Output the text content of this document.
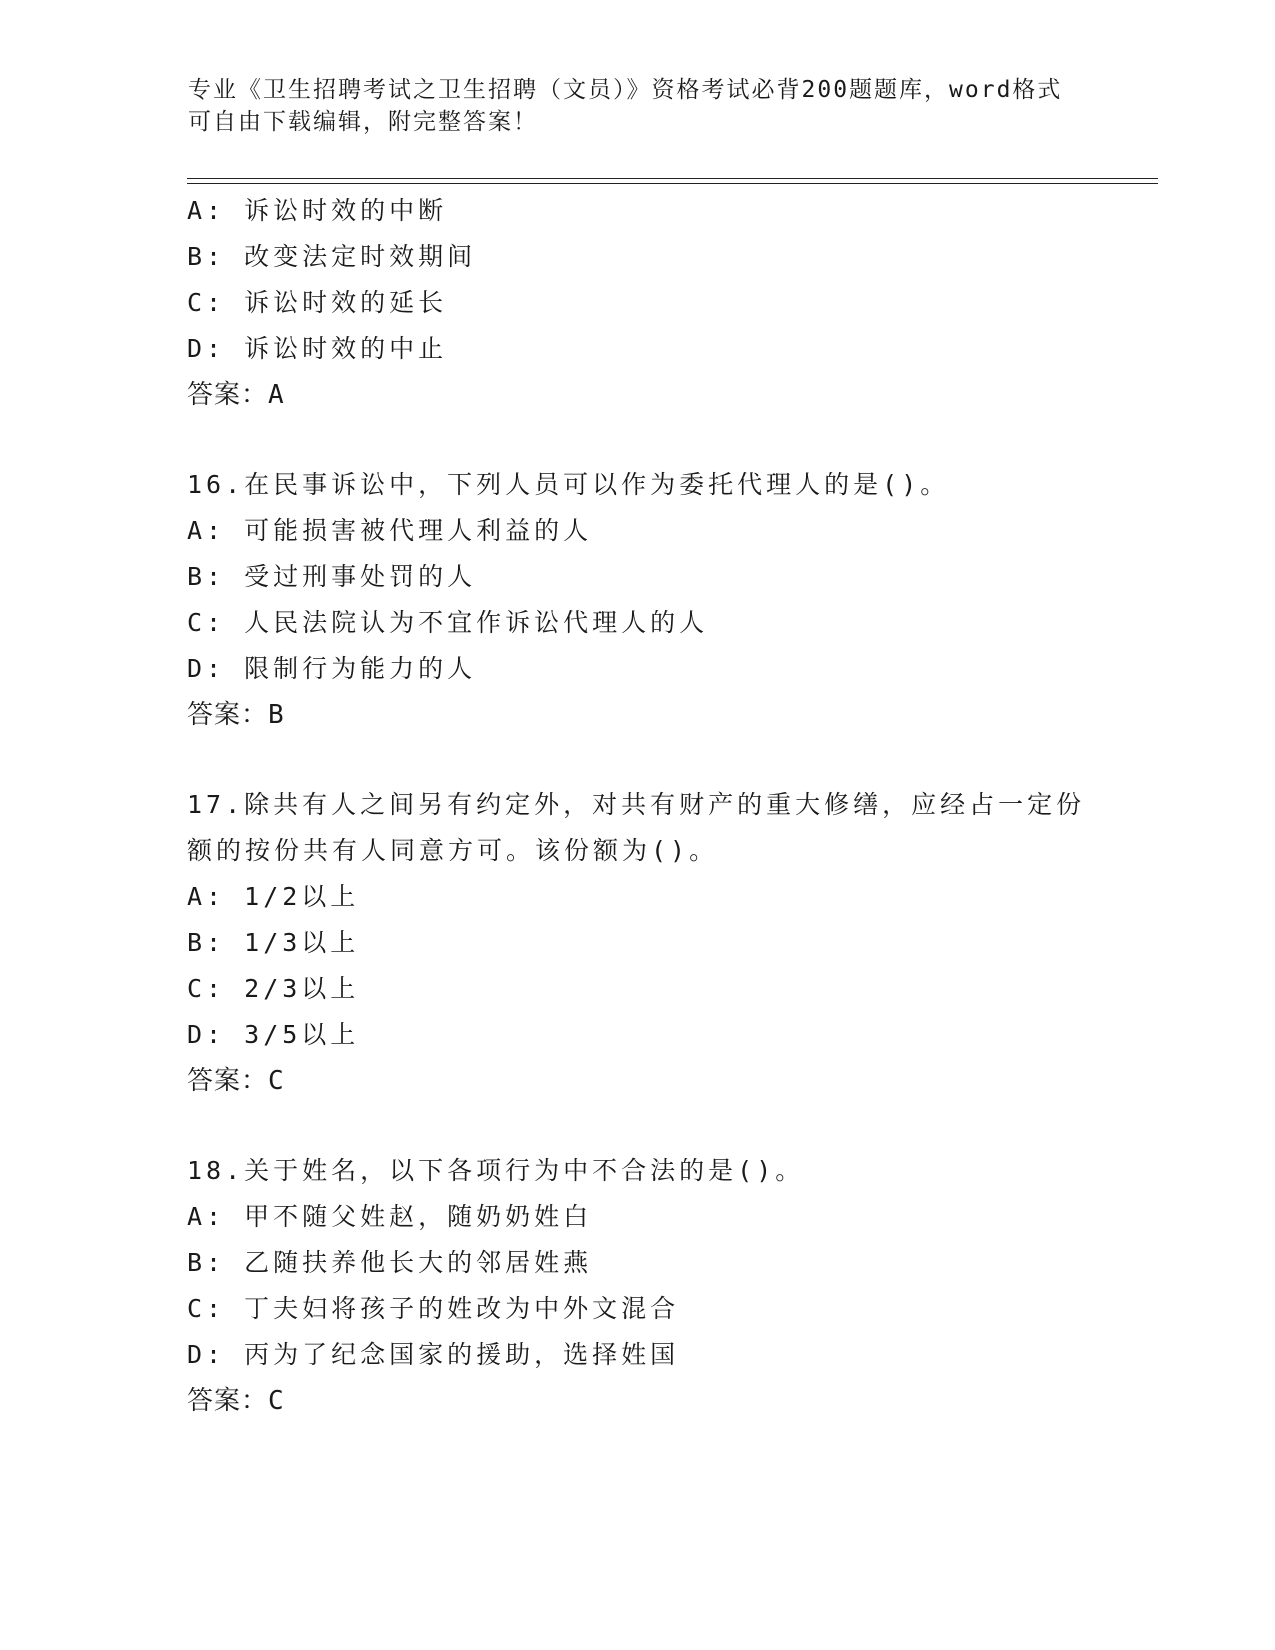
专业《卫生招聘考试之卫生招聘（文员）》资格考试必背200题题库，word格式
可自由下载编辑，附完整答案！
A: 诉讼时效的中断
B: 改变法定时效期间
C: 诉讼时效的延长
D: 诉讼时效的中止
答案：A
16.在民事诉讼中，下列人员可以作为委托代理人的是()。
A: 可能损害被代理人利益的人
B: 受过刑事处罚的人
C: 人民法院认为不宜作诉讼代理人的人
D: 限制行为能力的人
答案：B
17.除共有人之间另有约定外，对共有财产的重大修缮，应经占一定份
额的按份共有人同意方可。该份额为()。
A: 1/2以上
B: 1/3以上
C: 2/3以上
D: 3/5以上
答案：C
18.关于姓名，以下各项行为中不合法的是()。
A: 甲不随父姓赵，随奶奶姓白
B: 乙随扶养他长大的邻居姓燕
C: 丁夫妇将孩子的姓改为中外文混合
D: 丙为了纪念国家的援助，选择姓国
答案：C
